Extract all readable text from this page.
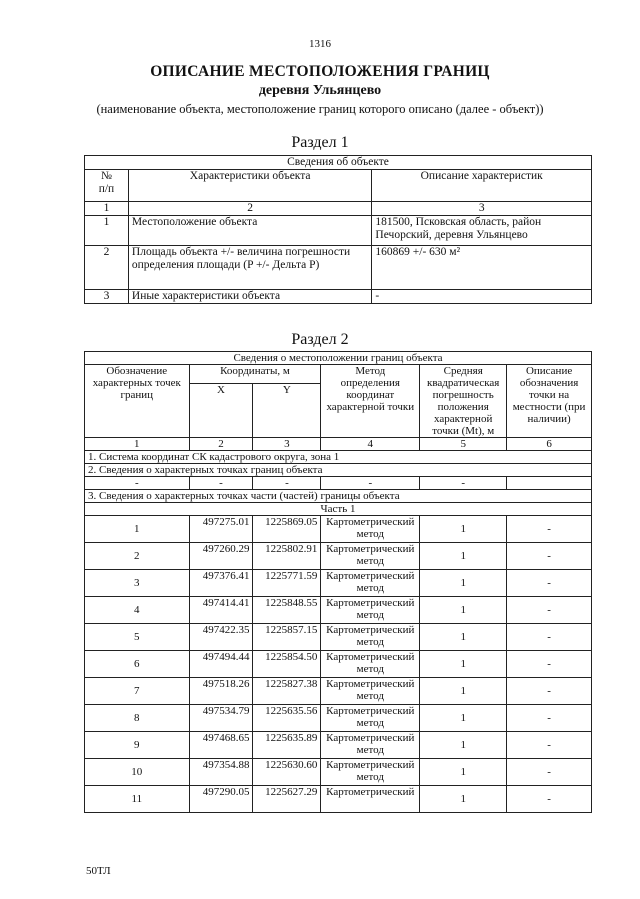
1316
ОПИСАНИЕ МЕСТОПОЛОЖЕНИЯ ГРАНИЦ
деревня Ульянцево
(наименование объекта, местоположение границ которого описано (далее - объект))
Раздел 1
Сведения об объекте		
№
п/п	Характеристики объекта	Описание характеристик
1	2	3
1	Местоположение объекта	181500, Псковская область, район Печорский, деревня Ульянцево
2	Площадь объекта +/- величина погрешности определения площади (P +/- Дельта P)	160869 +/- 630 м²
3	Иные характеристики объекта	-
Раздел 2
Сведения о местоположении границ объекта					
Обозначение характерных точек границ	Координаты, м		Метод определения координат характерной точки	Средняя квадратическая погрешность положения характерной точки (Mt), м	Описание обозначения точки на местности (при наличии)
	X	Y			
1	2	3	4	5	6
1. Система координат СК кадастрового округа, зона 1					
2. Сведения о характерных точках границ объекта					
-	-	-	-	-	
3. Сведения о характерных точках части (частей) границы объекта					
Часть 1					
1	497275.01	1225869.05	Картометрический метод	1	-
2	497260.29	1225802.91	Картометрический метод	1	-
3	497376.41	1225771.59	Картометрический метод	1	-
4	497414.41	1225848.55	Картометрический метод	1	-
5	497422.35	1225857.15	Картометрический метод	1	-
6	497494.44	1225854.50	Картометрический метод	1	-
7	497518.26	1225827.38	Картометрический метод	1	-
8	497534.79	1225635.56	Картометрический метод	1	-
9	497468.65	1225635.89	Картометрический метод	1	-
10	497354.88	1225630.60	Картометрический метод	1	-
11	497290.05	1225627.29	Картометрический	1	-
50ТЛ
